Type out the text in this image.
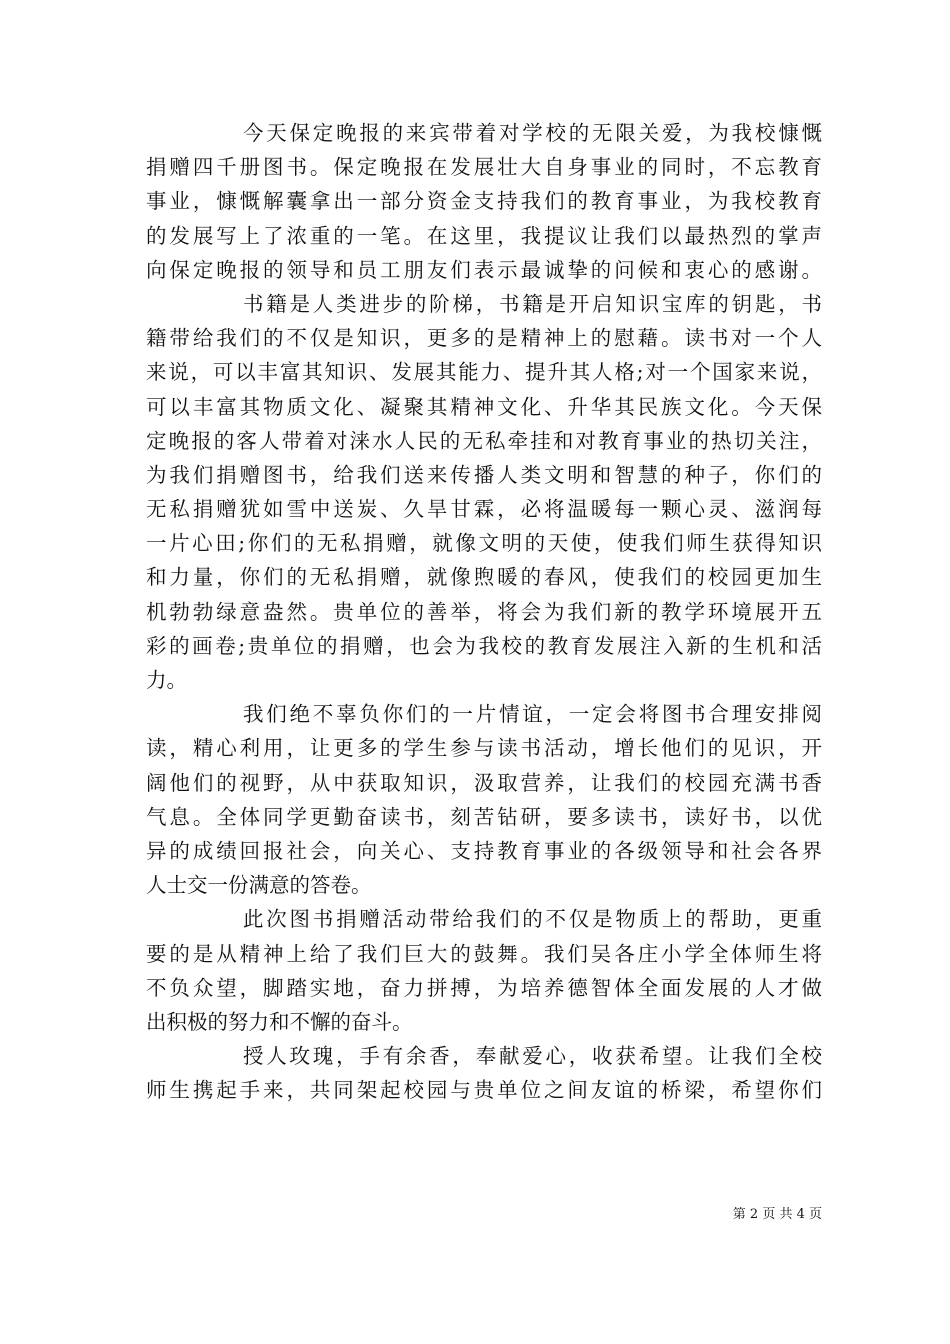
今天保定晚报的来宾带着对学校的无限关爱，为我校慷慨
捐赠四千册图书。保定晚报在发展壮大自身事业的同时，不忘教育
事业，慷慨解囊拿出一部分资金支持我们的教育事业，为我校教育
的发展写上了浓重的一笔。在这里，我提议让我们以最热烈的掌声
向保定晚报的领导和员工朋友们表示最诚挚的问候和衷心的感谢。
书籍是人类进步的阶梯，书籍是开启知识宝库的钥匙，书
籍带给我们的不仅是知识，更多的是精神上的慰藉。读书对一个人
来说，可以丰富其知识、发展其能力、提升其人格;对一个国家来说，
可以丰富其物质文化、凝聚其精神文化、升华其民族文化。今天保
定晚报的客人带着对涞水人民的无私牵挂和对教育事业的热切关注，
为我们捐赠图书，给我们送来传播人类文明和智慧的种子，你们的
无私捐赠犹如雪中送炭、久旱甘霖，必将温暖每一颗心灵、滋润每
一片心田;你们的无私捐赠，就像文明的天使，使我们师生获得知识
和力量，你们的无私捐赠，就像煦暖的春风，使我们的校园更加生
机勃勃绿意盎然。贵单位的善举，将会为我们新的教学环境展开五
彩的画卷;贵单位的捐赠，也会为我校的教育发展注入新的生机和活
力。
我们绝不辜负你们的一片情谊，一定会将图书合理安排阅
读，精心利用，让更多的学生参与读书活动，增长他们的见识，开
阔他们的视野，从中获取知识，汲取营养，让我们的校园充满书香
气息。全体同学更勤奋读书，刻苦钻研，要多读书，读好书，以优
异的成绩回报社会，向关心、支持教育事业的各级领导和社会各界
人士交一份满意的答卷。
此次图书捐赠活动带给我们的不仅是物质上的帮助，更重
要的是从精神上给了我们巨大的鼓舞。我们吴各庄小学全体师生将
不负众望，脚踏实地，奋力拼搏，为培养德智体全面发展的人才做
出积极的努力和不懈的奋斗。
授人玫瑰，手有余香，奉献爱心，收获希望。让我们全校
师生携起手来，共同架起校园与贵单位之间友谊的桥梁，希望你们
第 2 页 共 4 页
